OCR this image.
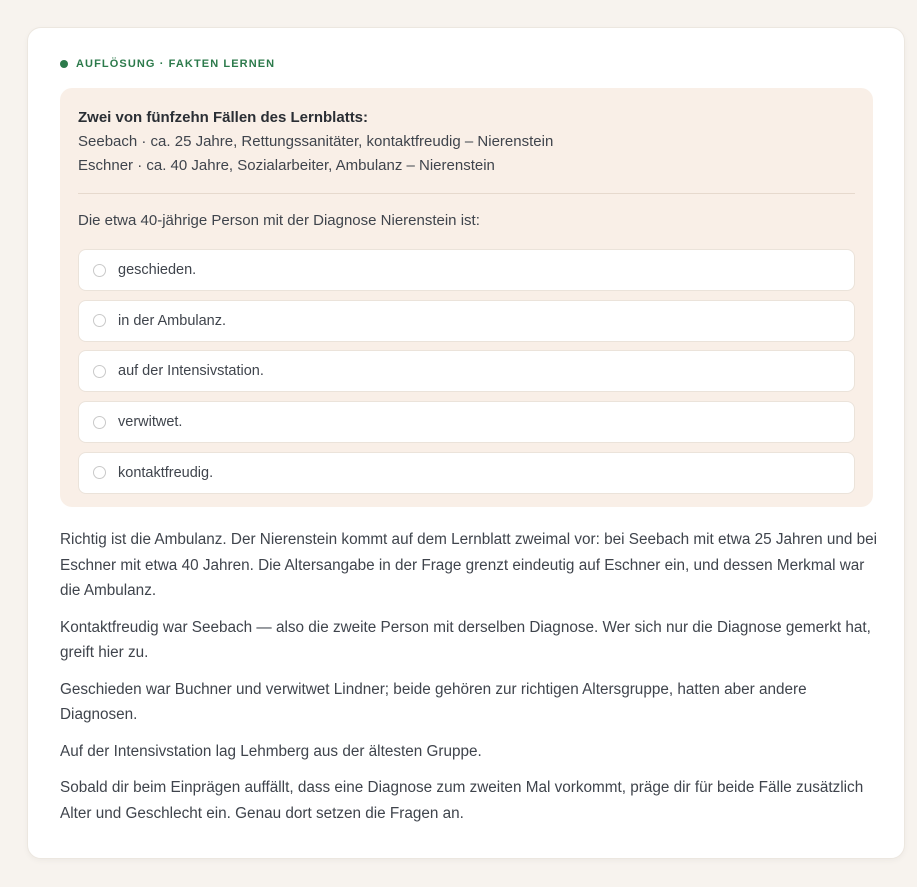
AUFLÖSUNG · FAKTEN LERNEN
Zwei von fünfzehn Fällen des Lernblatts:
Seebach · ca. 25 Jahre, Rettungssanitäter, kontaktfreudig – Nierenstein
Eschner · ca. 40 Jahre, Sozialarbeiter, Ambulanz – Nierenstein
Die etwa 40-jährige Person mit der Diagnose Nierenstein ist:
geschieden.
in der Ambulanz.
auf der Intensivstation.
verwitwet.
kontaktfreudig.

Richtig ist die Ambulanz. Der Nierenstein kommt auf dem Lernblatt zweimal vor: bei Seebach mit etwa 25 Jahren und bei Eschner mit etwa 40 Jahren. Die Altersangabe in der Frage grenzt eindeutig auf Eschner ein, und dessen Merkmal war die Ambulanz.

Kontaktfreudig war Seebach — also die zweite Person mit derselben Diagnose. Wer sich nur die Diagnose gemerkt hat, greift hier zu.

Geschieden war Buchner und verwitwet Lindner; beide gehören zur richtigen Altersgruppe, hatten aber andere Diagnosen.

Auf der Intensivstation lag Lehmberg aus der ältesten Gruppe.

Sobald dir beim Einprägen auffällt, dass eine Diagnose zum zweiten Mal vorkommt, präge dir für beide Fälle zusätzlich Alter und Geschlecht ein. Genau dort setzen die Fragen an.
